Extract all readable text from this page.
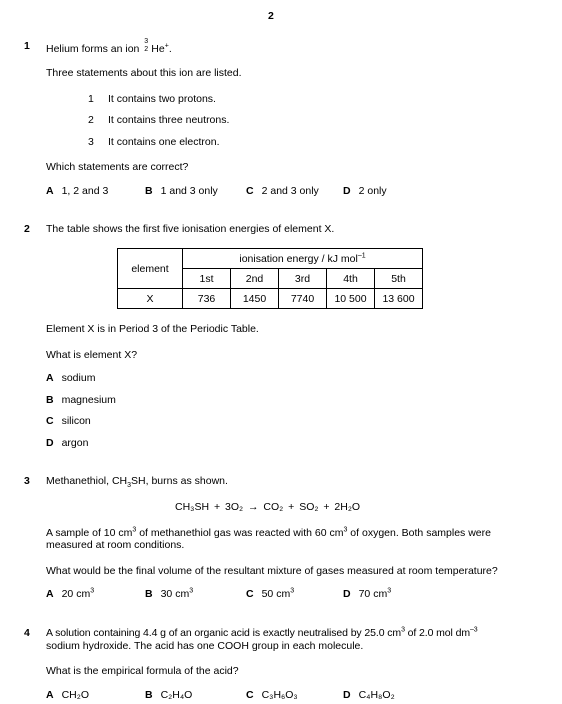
2
1 Helium forms an ion
3
2 He+.
Three statements about this ion are listed.
1 It contains two protons.
2 It contains three neutrons.
3 It contains one electron.
Which statements are correct?
A 1, 2 and 3	B 1 and 3 only	C 2 and 3 only D 2 only
2 The table shows the first five ionisation energies of element X.
element	ionisation energy / kJ mol$^{-1}$
	1st	2nd	3rd	4th	5th
X	736	1450	7740	10 500	13 600
Element X is in Period 3 of the Periodic Table.
What is element X?
A sodium
B magnesium
C silicon
D argon
3 Methanethiol, $CH_3SH$, burns as shown.
CH₃SH + 3O₂ → CO₂ + SO₂ + 2H₂O
A sample of 10 $cm^3$ of methanethiol gas was reacted with 60 $cm^3$ of oxygen. Both samples were
measured at room conditions.
What would be the final volume of the resultant mixture of gases measured at room temperature?
A 20 $cm^3$	B 30 $cm^3$	C 50 $cm^3$	D 70 $cm^3$
4 A solution containing 4.4 g of an organic acid is exactly neutralised by 25.0 $cm^3$ of 2.0 mol $dm^{-3}$
sodium hydroxide. The acid has one COOH group in each molecule.
What is the empirical formula of the acid?
A CH₂O	B C₂H₄O	C C₃H₆O₃	D C₄H₈O₂
